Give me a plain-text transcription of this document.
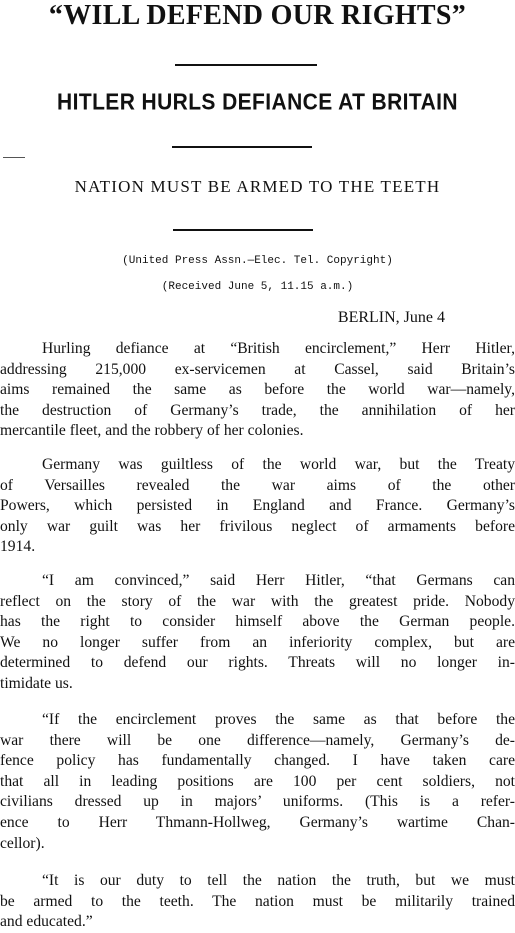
“WILL DEFEND OUR RIGHTS”
HITLER HURLS DEFIANCE AT BRITAIN
NATION MUST BE ARMED TO THE TEETH
(United Press Assn.—Elec. Tel. Copyright)
(Received June 5, 11.15 a.m.)
BERLIN, June 4
Hurling defiance at “British encirclement,” Herr Hitler,
addressing 215,000 ex-servicemen at Cassel, said Britain’s
aims remained the same as before the world war—namely,
the destruction of Germany’s trade, the annihilation of her
mercantile fleet, and the robbery of her colonies.
Germany was guiltless of the world war, but the Treaty
of Versailles revealed the war aims of the other
Powers, which persisted in England and France. Germany’s
only war guilt was her frivilous neglect of armaments before
1914.
“I am convinced,” said Herr Hitler, “that Germans can
reflect on the story of the war with the greatest pride. Nobody
has the right to consider himself above the German people.
We no longer suffer from an inferiority complex, but are
determined to defend our rights. Threats will no longer in-
timidate us.
“If the encirclement proves the same as that before the
war there will be one difference—namely, Germany’s de-
fence policy has fundamentally changed. I have taken care
that all in leading positions are 100 per cent soldiers, not
civilians dressed up in majors’ uniforms. (This is a refer-
ence to Herr Thmann-Hollweg, Germany’s wartime Chan-
cellor).
“It is our duty to tell the nation the truth, but we must
be armed to the teeth. The nation must be militarily trained
and educated.”
